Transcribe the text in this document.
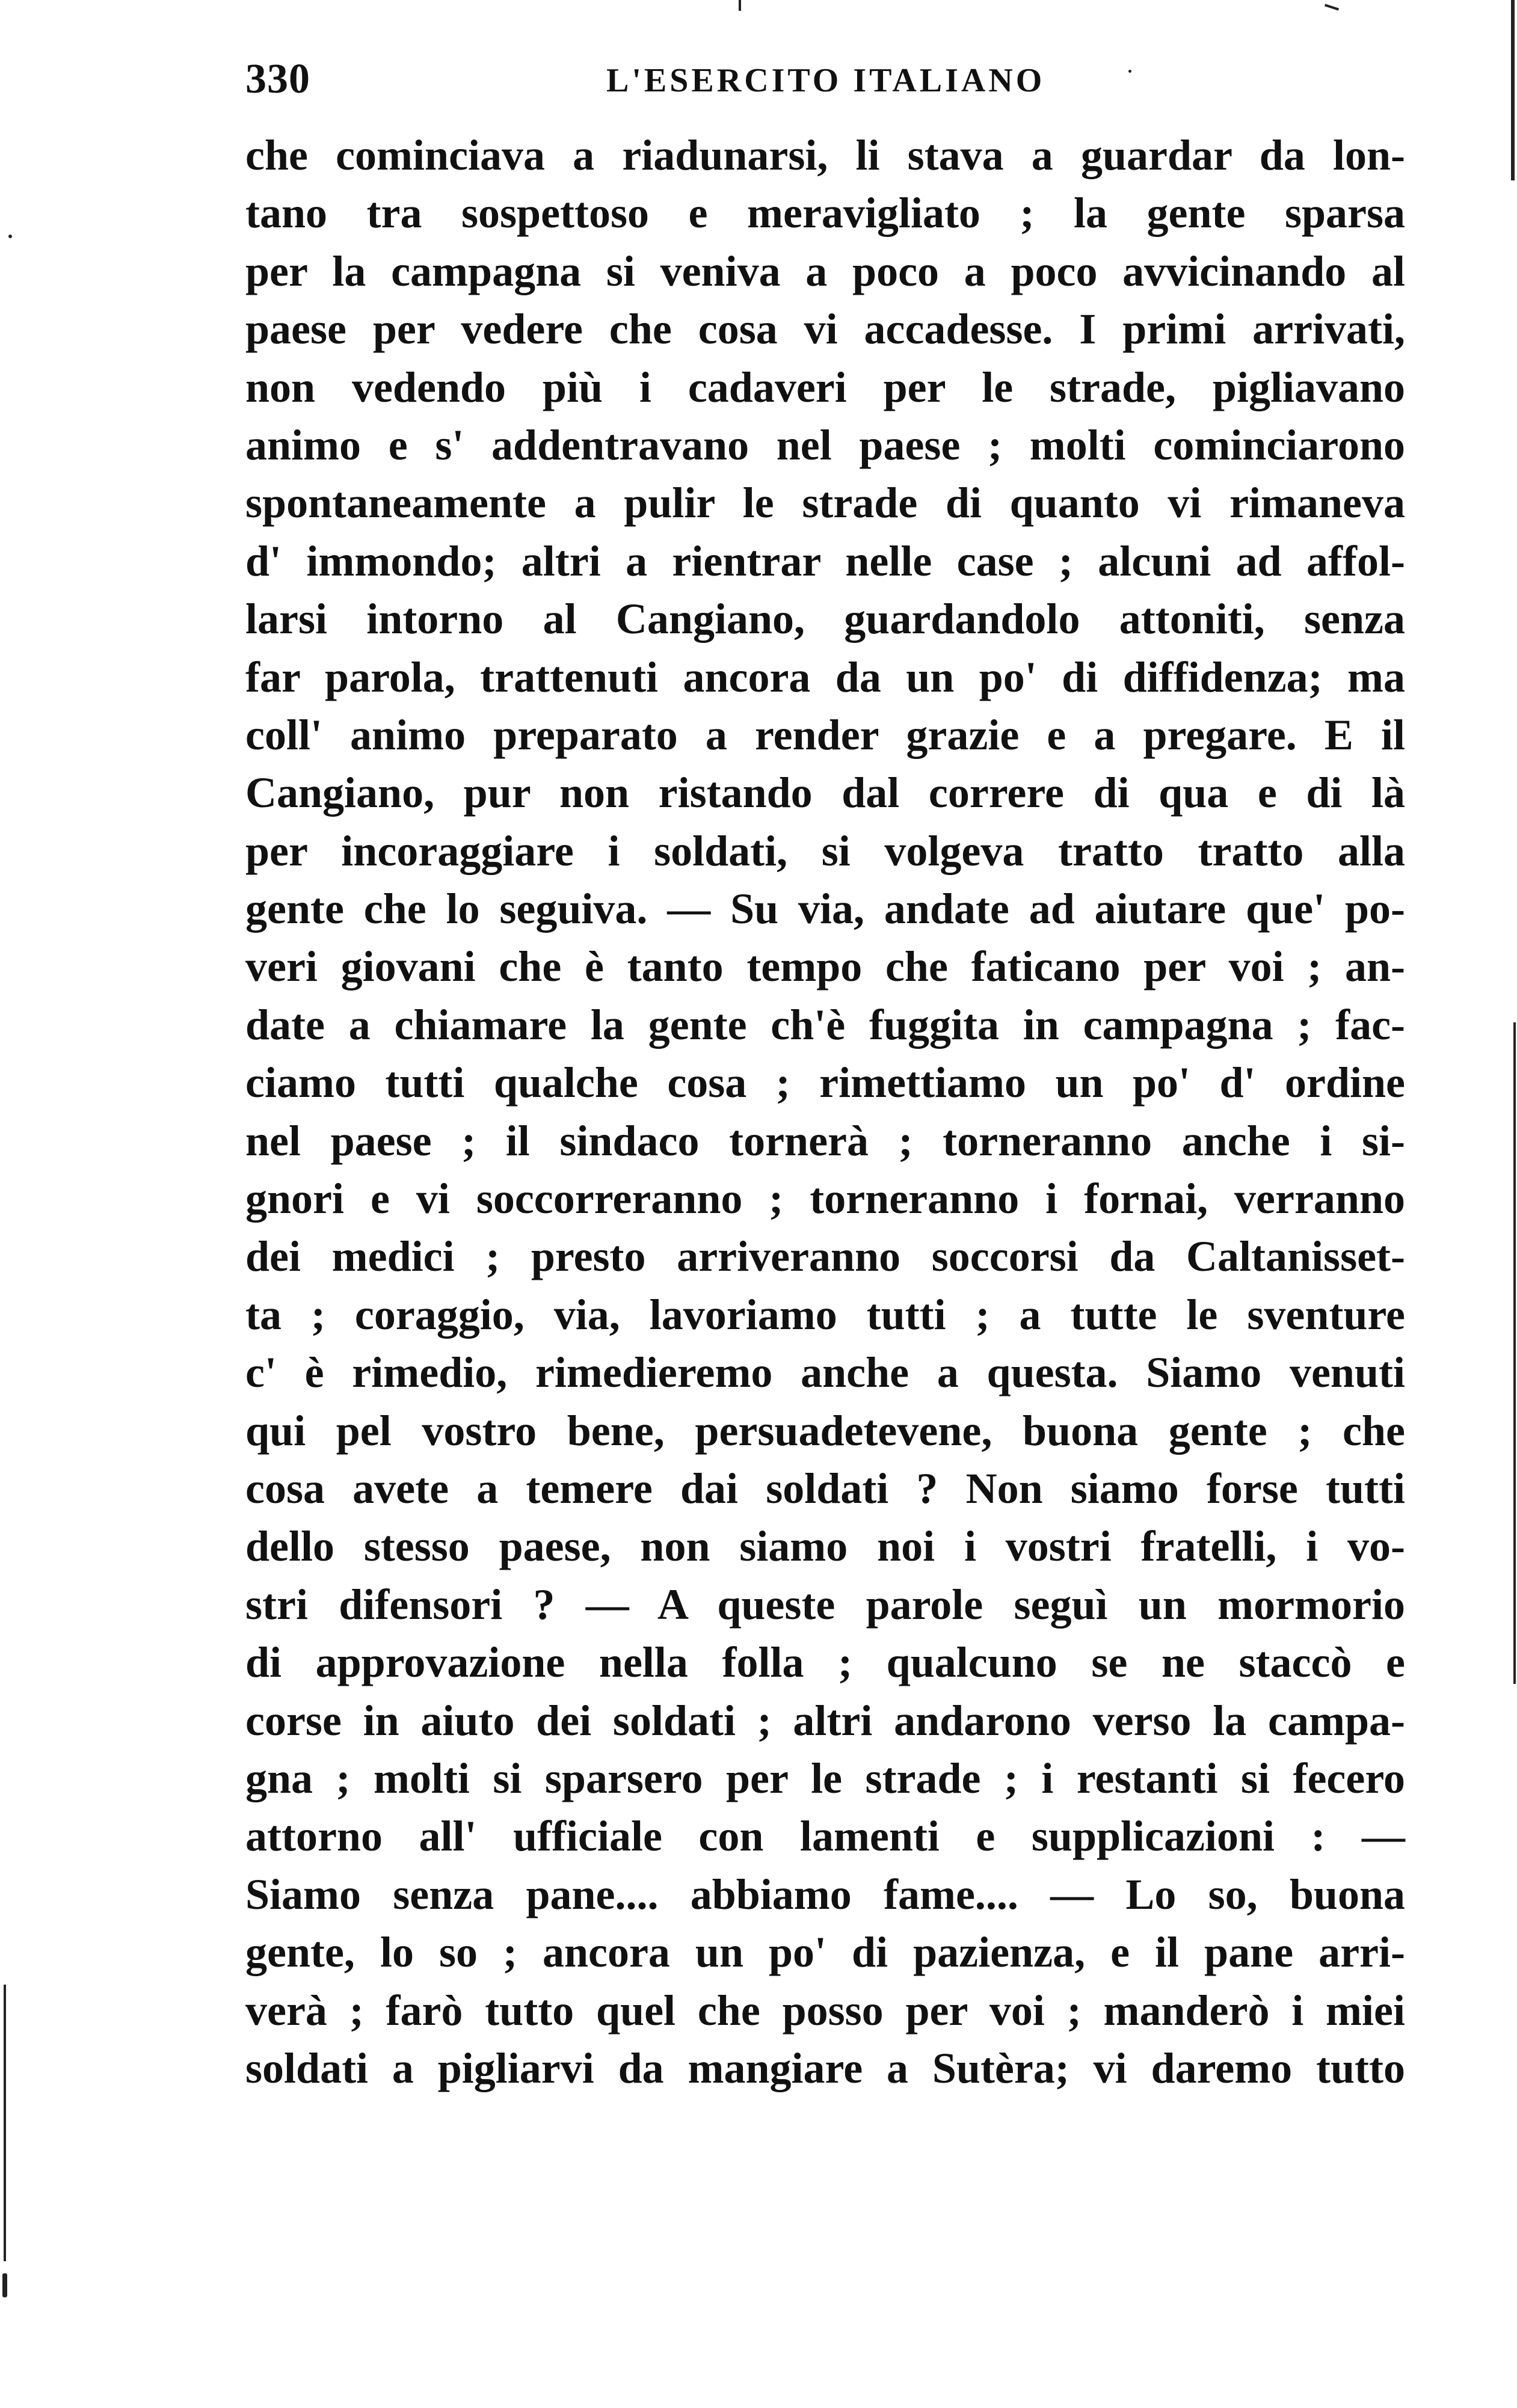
330	L'ESERCITO ITALIANO
che cominciava a riadunarsi, li stava a guardar da lon-
tano tra sospettoso e meravigliato ; la gente sparsa
per la campagna si veniva a poco a poco avvicinando al
paese per vedere che cosa vi accadesse. I primi arrivati,
non vedendo più i cadaveri per le strade, pigliavano
animo e s' addentravano nel paese ; molti cominciarono
spontaneamente a pulir le strade di quanto vi rimaneva
d' immondo; altri a rientrar nelle case ; alcuni ad affol-
larsi intorno al Cangiano, guardandolo attoniti, senza
far parola, trattenuti ancora da un po' di diffidenza; ma
coll' animo preparato a render grazie e a pregare. E il
Cangiano, pur non ristando dal correre di qua e di là
per incoraggiare i soldati, si volgeva tratto tratto alla
gente che lo seguiva. — Su via, andate ad aiutare que' po-
veri giovani che è tanto tempo che faticano per voi ; an-
date a chiamare la gente ch'è fuggita in campagna ; fac-
ciamo tutti qualche cosa ; rimettiamo un po' d' ordine
nel paese ; il sindaco tornerà ; torneranno anche i si-
gnori e vi soccorreranno ; torneranno i fornai, verranno
dei medici ; presto arriveranno soccorsi da Caltanisset-
ta ; coraggio, via, lavoriamo tutti ; a tutte le sventure
c' è rimedio, rimedieremo anche a questa. Siamo venuti
qui pel vostro bene, persuadetevene, buona gente ; che
cosa avete a temere dai soldati ? Non siamo forse tutti
dello stesso paese, non siamo noi i vostri fratelli, i vo-
stri difensori ? — A queste parole seguì un mormorio
di approvazione nella folla ; qualcuno se ne staccò e
corse in aiuto dei soldati ; altri andarono verso la campa-
gna ; molti si sparsero per le strade ; i restanti si fecero
attorno all' ufficiale con lamenti e supplicazioni : —
Siamo senza pane.... abbiamo fame.... — Lo so, buona
gente, lo so ; ancora un po' di pazienza, e il pane arri-
verà ; farò tutto quel che posso per voi ; manderò i miei
soldati a pigliarvi da mangiare a Sutèra; vi daremo tutto
